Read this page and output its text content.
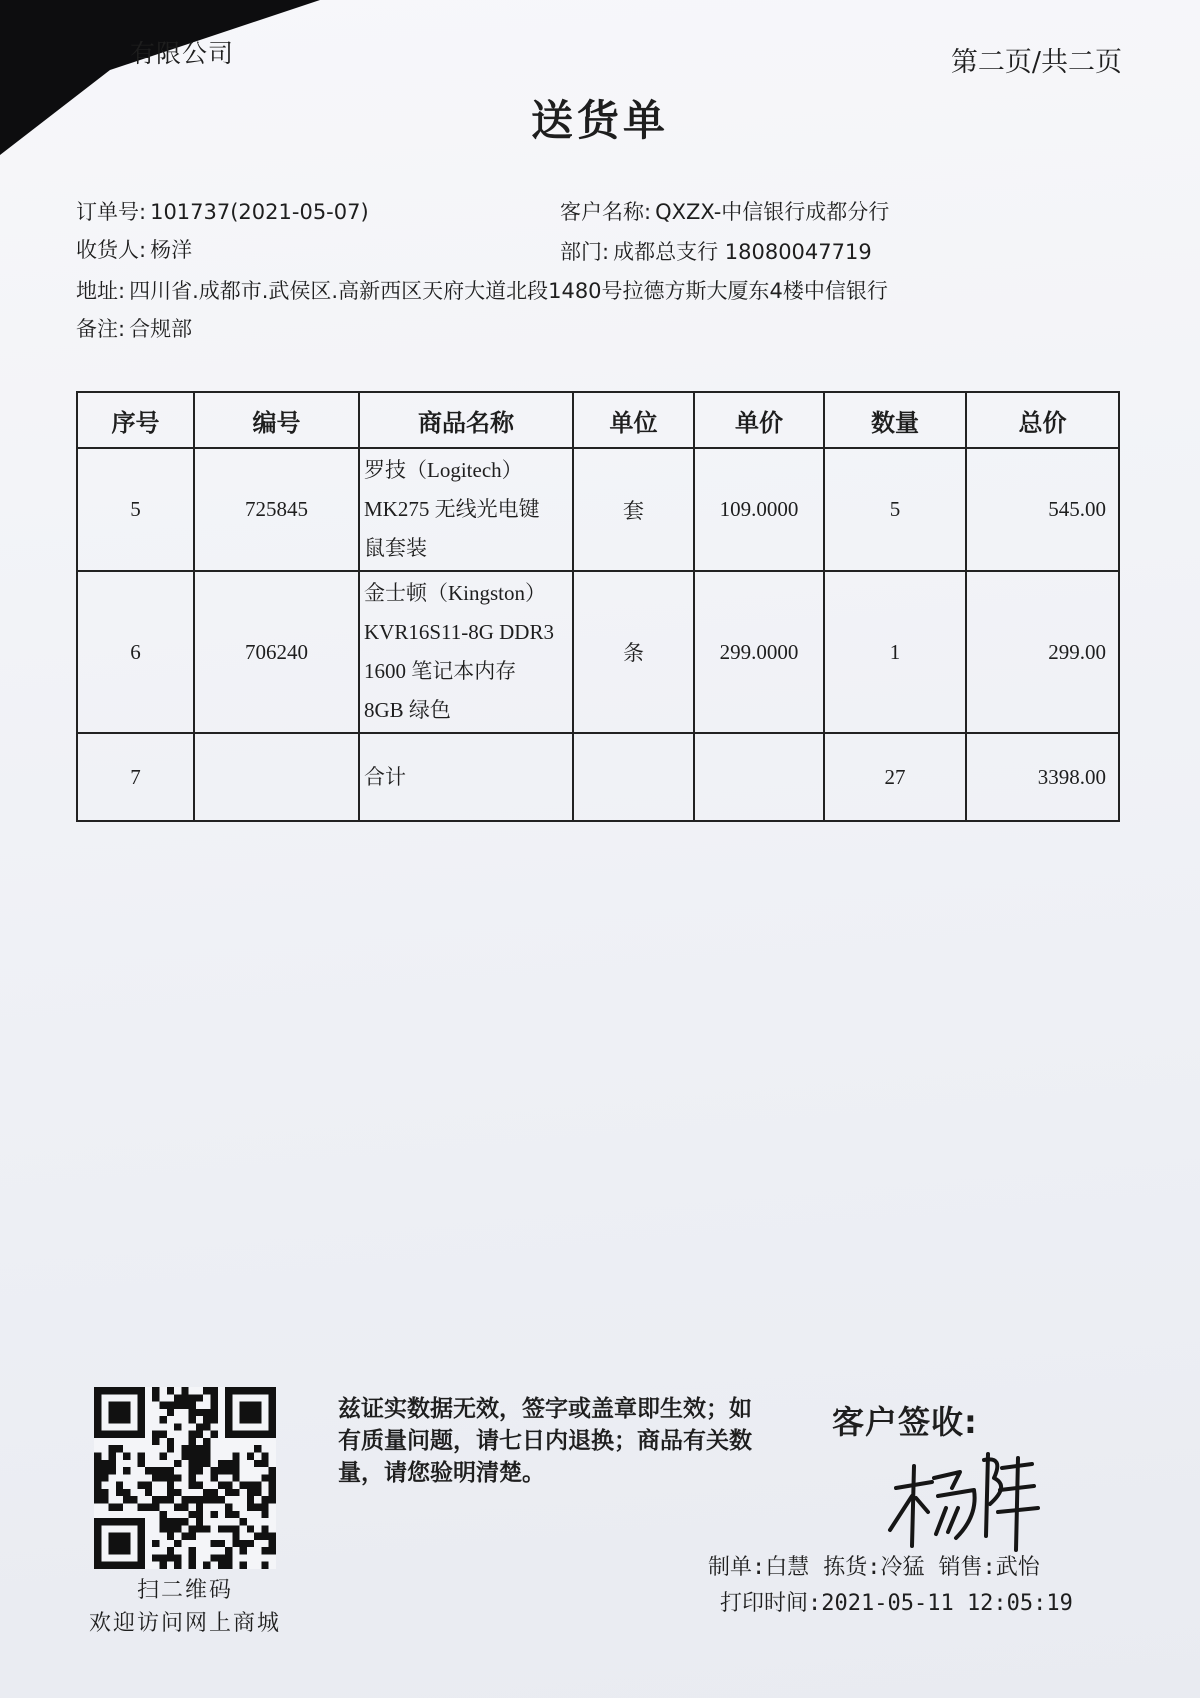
有限公司	第二页/共二页
送货单
订单号: 101737(2021-05-07)	客户名称: QXZX-中信银行成都分行
收货人: 杨洋	部门: 成都总支行 18080047719
地址: 四川省.成都市.武侯区.高新西区天府大道北段1480号拉德方斯大厦东4楼中信银行
备注: 合规部
序号	编号	商品名称	单位	单价	数量	总价
5	725845	罗技（Logitech）
MK275 无线光电键
鼠套装	套	109.0000	5	545.00
6	706240	金士顿（Kingston）
KVR16S11-8G DDR3
1600 笔记本内存
8GB 绿色	条	299.0000	1	299.00
7		合计			27	3398.00
扫二维码
欢迎访问网上商城
兹证实数据无效，签字或盖章即生效；如有质量问题，请七日内退换；商品有关数量，请您验明清楚。
客户签收:
制单:白慧 拣货:冷猛 销售:武怡
打印时间:2021-05-11 12:05:19
